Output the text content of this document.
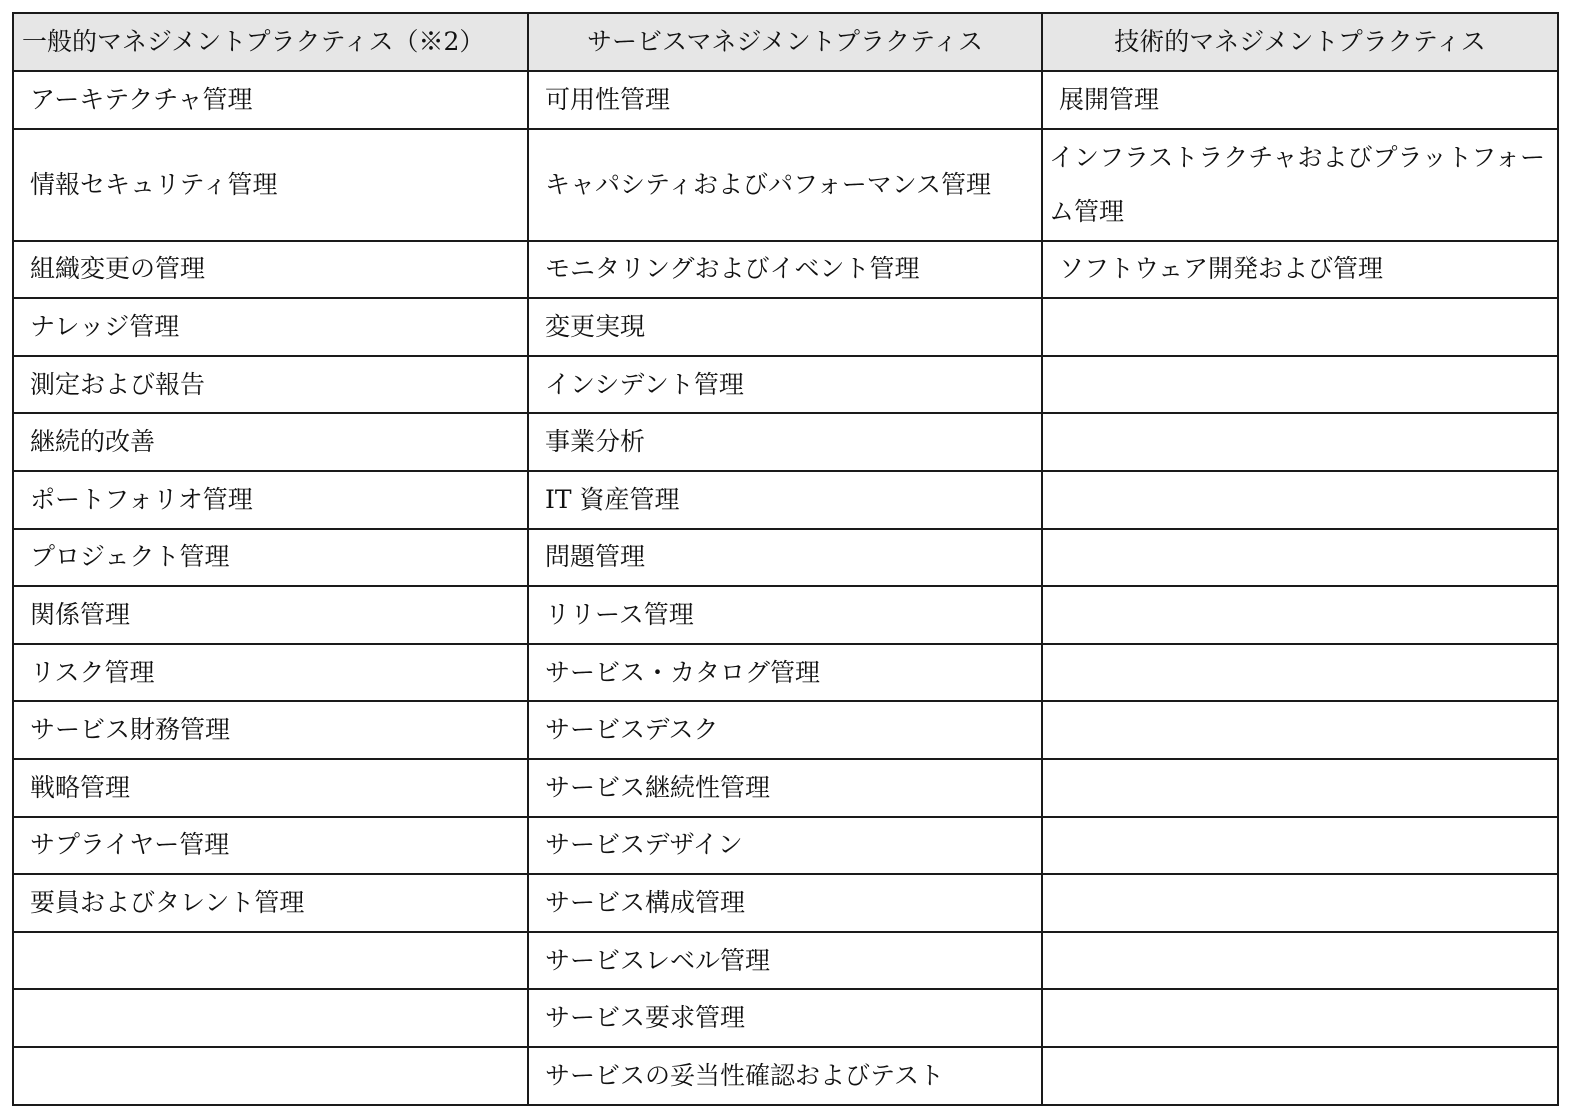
一般的マネジメントプラクティス（※2）	サービスマネジメントプラクティス	技術的マネジメントプラクティス
アーキテクチャ管理	可用性管理	展開管理
情報セキュリティ管理	キャパシティおよびパフォーマンス管理	インフラストラクチャおよびプラットフォーム管理
組織変更の管理	モニタリングおよびイベント管理	ソフトウェア開発および管理
ナレッジ管理	変更実現	
測定および報告	インシデント管理	
継続的改善	事業分析	
ポートフォリオ管理	IT 資産管理	
プロジェクト管理	問題管理	
関係管理	リリース管理	
リスク管理	サービス・カタログ管理	
サービス財務管理	サービスデスク	
戦略管理	サービス継続性管理	
サプライヤー管理	サービスデザイン	
要員およびタレント管理	サービス構成管理	
	サービスレベル管理	
	サービス要求管理	
	サービスの妥当性確認およびテスト	
